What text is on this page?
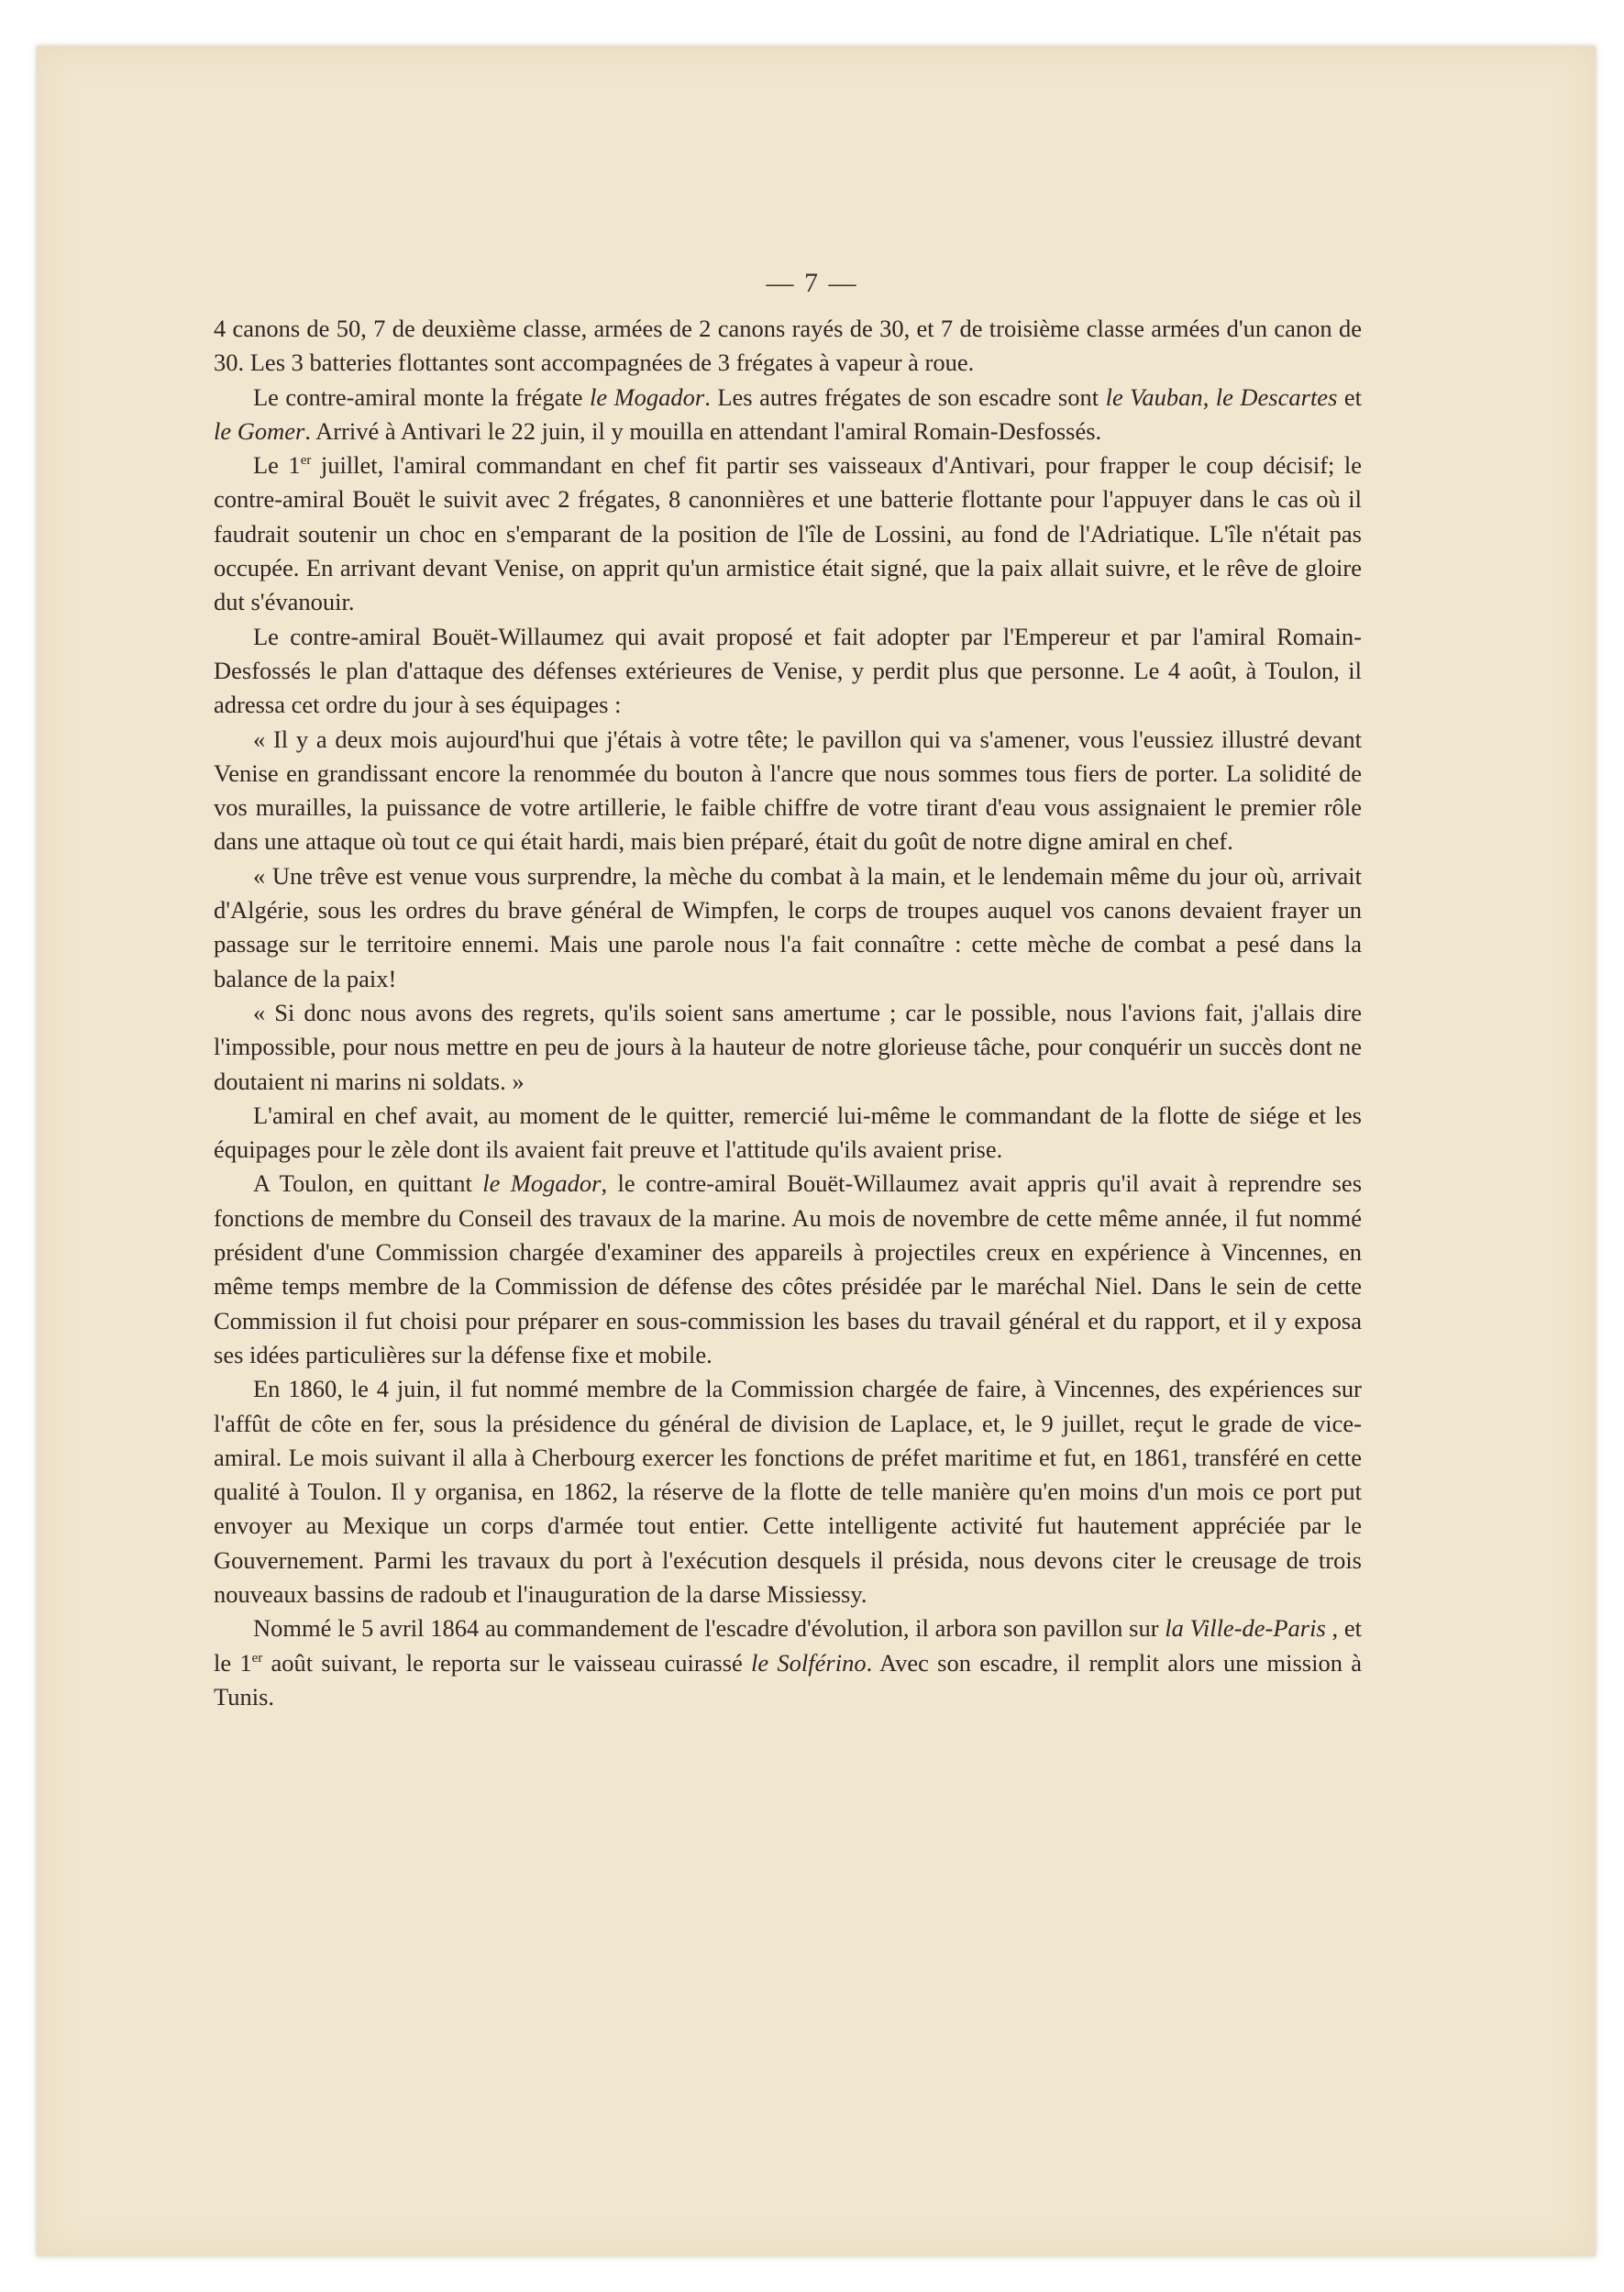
— 7 —

4 canons de 50, 7 de deuxième classe, armées de 2 canons rayés de 30, et 7 de troisième classe armées d'un canon de 30. Les 3 batteries flottantes sont accompagnées de 3 frégates à vapeur à roue.

Le contre-amiral monte la frégate le Mogador. Les autres frégates de son escadre sont le Vauban, le Descartes et le Gomer. Arrivé à Antivari le 22 juin, il y mouilla en attendant l'amiral Romain-Desfossés.

Le 1er juillet, l'amiral commandant en chef fit partir ses vaisseaux d'Antivari, pour frapper le coup décisif; le contre-amiral Bouët le suivit avec 2 frégates, 8 canonnières et une batterie flottante pour l'appuyer dans le cas où il faudrait soutenir un choc en s'emparant de la position de l'île de Lossini, au fond de l'Adriatique. L'île n'était pas occupée. En arrivant devant Venise, on apprit qu'un armistice était signé, que la paix allait suivre, et le rêve de gloire dut s'évanouir.

Le contre-amiral Bouët-Willaumez qui avait proposé et fait adopter par l'Empereur et par l'amiral Romain-Desfossés le plan d'attaque des défenses extérieures de Venise, y perdit plus que personne. Le 4 août, à Toulon, il adressa cet ordre du jour à ses équipages :

« Il y a deux mois aujourd'hui que j'étais à votre tête; le pavillon qui va s'amener, vous l'eussiez illustré devant Venise en grandissant encore la renommée du bouton à l'ancre que nous sommes tous fiers de porter. La solidité de vos murailles, la puissance de votre artillerie, le faible chiffre de votre tirant d'eau vous assignaient le premier rôle dans une attaque où tout ce qui était hardi, mais bien préparé, était du goût de notre digne amiral en chef.

« Une trêve est venue vous surprendre, la mèche du combat à la main, et le lendemain même du jour où, arrivait d'Algérie, sous les ordres du brave général de Wimpfen, le corps de troupes auquel vos canons devaient frayer un passage sur le territoire ennemi. Mais une parole nous l'a fait connaître : cette mèche de combat a pesé dans la balance de la paix!

« Si donc nous avons des regrets, qu'ils soient sans amertume ; car le possible, nous l'avions fait, j'allais dire l'impossible, pour nous mettre en peu de jours à la hauteur de notre glorieuse tâche, pour conquérir un succès dont ne doutaient ni marins ni soldats. »

L'amiral en chef avait, au moment de le quitter, remercié lui-même le commandant de la flotte de siége et les équipages pour le zèle dont ils avaient fait preuve et l'attitude qu'ils avaient prise.

A Toulon, en quittant le Mogador, le contre-amiral Bouët-Willaumez avait appris qu'il avait à reprendre ses fonctions de membre du Conseil des travaux de la marine. Au mois de novembre de cette même année, il fut nommé président d'une Commission chargée d'examiner des appareils à projectiles creux en expérience à Vincennes, en même temps membre de la Commission de défense des côtes présidée par le maréchal Niel. Dans le sein de cette Commission il fut choisi pour préparer en sous-commission les bases du travail général et du rapport, et il y exposa ses idées particulières sur la défense fixe et mobile.

En 1860, le 4 juin, il fut nommé membre de la Commission chargée de faire, à Vincennes, des expériences sur l'affût de côte en fer, sous la présidence du général de division de Laplace, et, le 9 juillet, reçut le grade de vice-amiral. Le mois suivant il alla à Cherbourg exercer les fonctions de préfet maritime et fut, en 1861, transféré en cette qualité à Toulon. Il y organisa, en 1862, la réserve de la flotte de telle manière qu'en moins d'un mois ce port put envoyer au Mexique un corps d'armée tout entier. Cette intelligente activité fut hautement appréciée par le Gouvernement. Parmi les travaux du port à l'exécution desquels il présida, nous devons citer le creusage de trois nouveaux bassins de radoub et l'inauguration de la darse Missiessy.

Nommé le 5 avril 1864 au commandement de l'escadre d'évolution, il arbora son pavillon sur la Ville-de-Paris , et le 1er août suivant, le reporta sur le vaisseau cuirassé le Solférino. Avec son escadre, il remplit alors une mission à Tunis.
